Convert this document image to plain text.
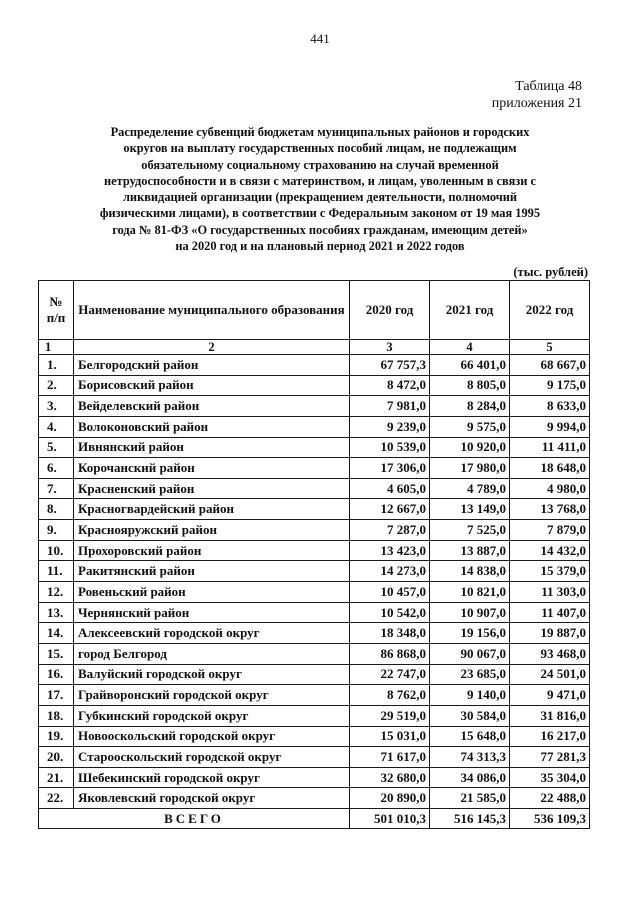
441
Таблица 48
приложения 21
Распределение субвенций бюджетам муниципальных районов и городских
округов на выплату государственных пособий лицам, не подлежащим
обязательному социальному страхованию на случай временной
нетрудоспособности и в связи с материнством, и лицам, уволенным в связи с
ликвидацией организации (прекращением деятельности, полномочий
физическими лицами), в соответствии с Федеральным законом от 19 мая 1995
года № 81-ФЗ «О государственных пособиях гражданам, имеющим детей»
на 2020 год и на плановый период 2021 и 2022 годов
(тыс. рублей)
№ п/п	Наименование муниципального образования	2020 год	2021 год	2022 год
1	2	3	4	5
1.	Белгородский район	67 757,3	66 401,0	68 667,0
2.	Борисовский район	8 472,0	8 805,0	9 175,0
3.	Вейделевский район	7 981,0	8 284,0	8 633,0
4.	Волоконовский район	9 239,0	9 575,0	9 994,0
5.	Ивнянский район	10 539,0	10 920,0	11 411,0
6.	Корочанский район	17 306,0	17 980,0	18 648,0
7.	Красненский район	4 605,0	4 789,0	4 980,0
8.	Красногвардейский район	12 667,0	13 149,0	13 768,0
9.	Краснояружский район	7 287,0	7 525,0	7 879,0
10.	Прохоровский район	13 423,0	13 887,0	14 432,0
11.	Ракитянский район	14 273,0	14 838,0	15 379,0
12.	Ровеньский район	10 457,0	10 821,0	11 303,0
13.	Чернянский район	10 542,0	10 907,0	11 407,0
14.	Алексеевский городской округ	18 348,0	19 156,0	19 887,0
15.	город Белгород	86 868,0	90 067,0	93 468,0
16.	Валуйский городской округ	22 747,0	23 685,0	24 501,0
17.	Грайворонский городской округ	8 762,0	9 140,0	9 471,0
18.	Губкинский городской округ	29 519,0	30 584,0	31 816,0
19.	Новооскольский городской округ	15 031,0	15 648,0	16 217,0
20.	Старооскольский городской округ	71 617,0	74 313,3	77 281,3
21.	Шебекинский городской округ	32 680,0	34 086,0	35 304,0
22.	Яковлевский городской округ	20 890,0	21 585,0	22 488,0
ВСЕГО		501 010,3	516 145,3	536 109,3
